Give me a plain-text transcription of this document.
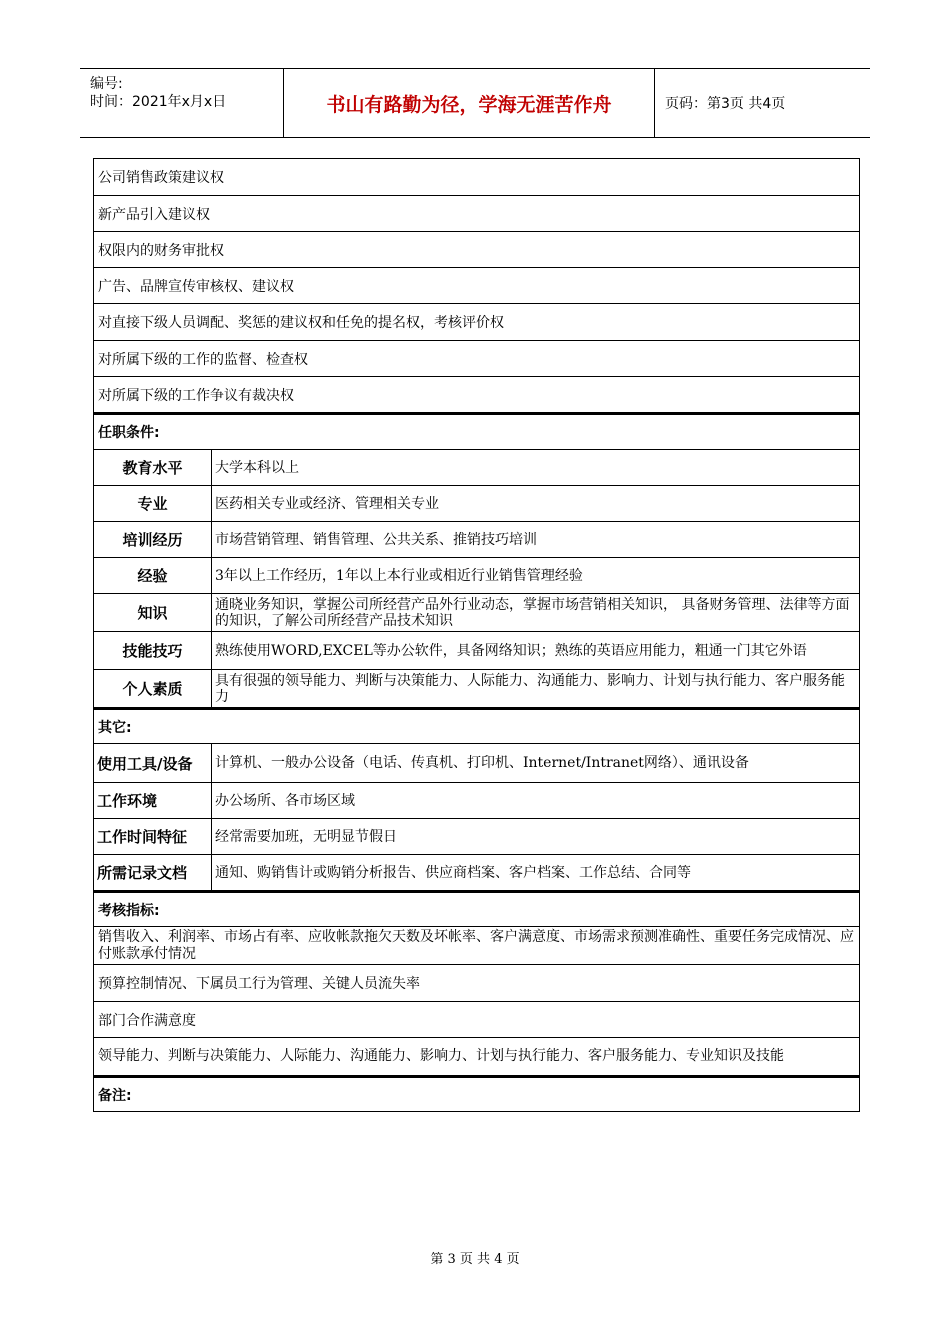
编号:
时间：2021年x月x日	书山有路勤为径，学海无涯苦作舟	页码：第3页 共4页
公司销售政策建议权
新产品引入建议权
权限内的财务审批权
广告、品牌宣传审核权、建议权
对直接下级人员调配、奖惩的建议权和任免的提名权，考核评价权
对所属下级的工作的监督、检查权
对所属下级的工作争议有裁决权
任职条件:
教育水平	大学本科以上
专业	医药相关专业或经济、管理相关专业
培训经历	市场营销管理、销售管理、公共关系、推销技巧培训
经验	3年以上工作经历，1年以上本行业或相近行业销售管理经验
知识	通晓业务知识，掌握公司所经营产品外行业动态，掌握市场营销相关知识， 具备财务管理、法律等方面的知识，了解公司所经营产品技术知识
技能技巧	熟练使用WORD,EXCEL等办公软件，具备网络知识；熟练的英语应用能力，粗通一门其它外语
个人素质	具有很强的领导能力、判断与决策能力、人际能力、沟通能力、影响力、计划与执行能力、客户服务能力
其它:
使用工具/设备	计算机、一般办公设备（电话、传真机、打印机、Internet/Intranet网络）、通讯设备
工作环境	办公场所、各市场区域
工作时间特征	经常需要加班，无明显节假日
所需记录文档	通知、购销售计或购销分析报告、供应商档案、客户档案、工作总结、合同等
考核指标:
销售收入、利润率、市场占有率、应收帐款拖欠天数及坏帐率、客户满意度、市场需求预测准确性、重要任务完成情况、应付账款承付情况
预算控制情况、下属员工行为管理、关键人员流失率
部门合作满意度
领导能力、判断与决策能力、人际能力、沟通能力、影响力、计划与执行能力、客户服务能力、专业知识及技能
备注:
第 3 页 共 4 页
